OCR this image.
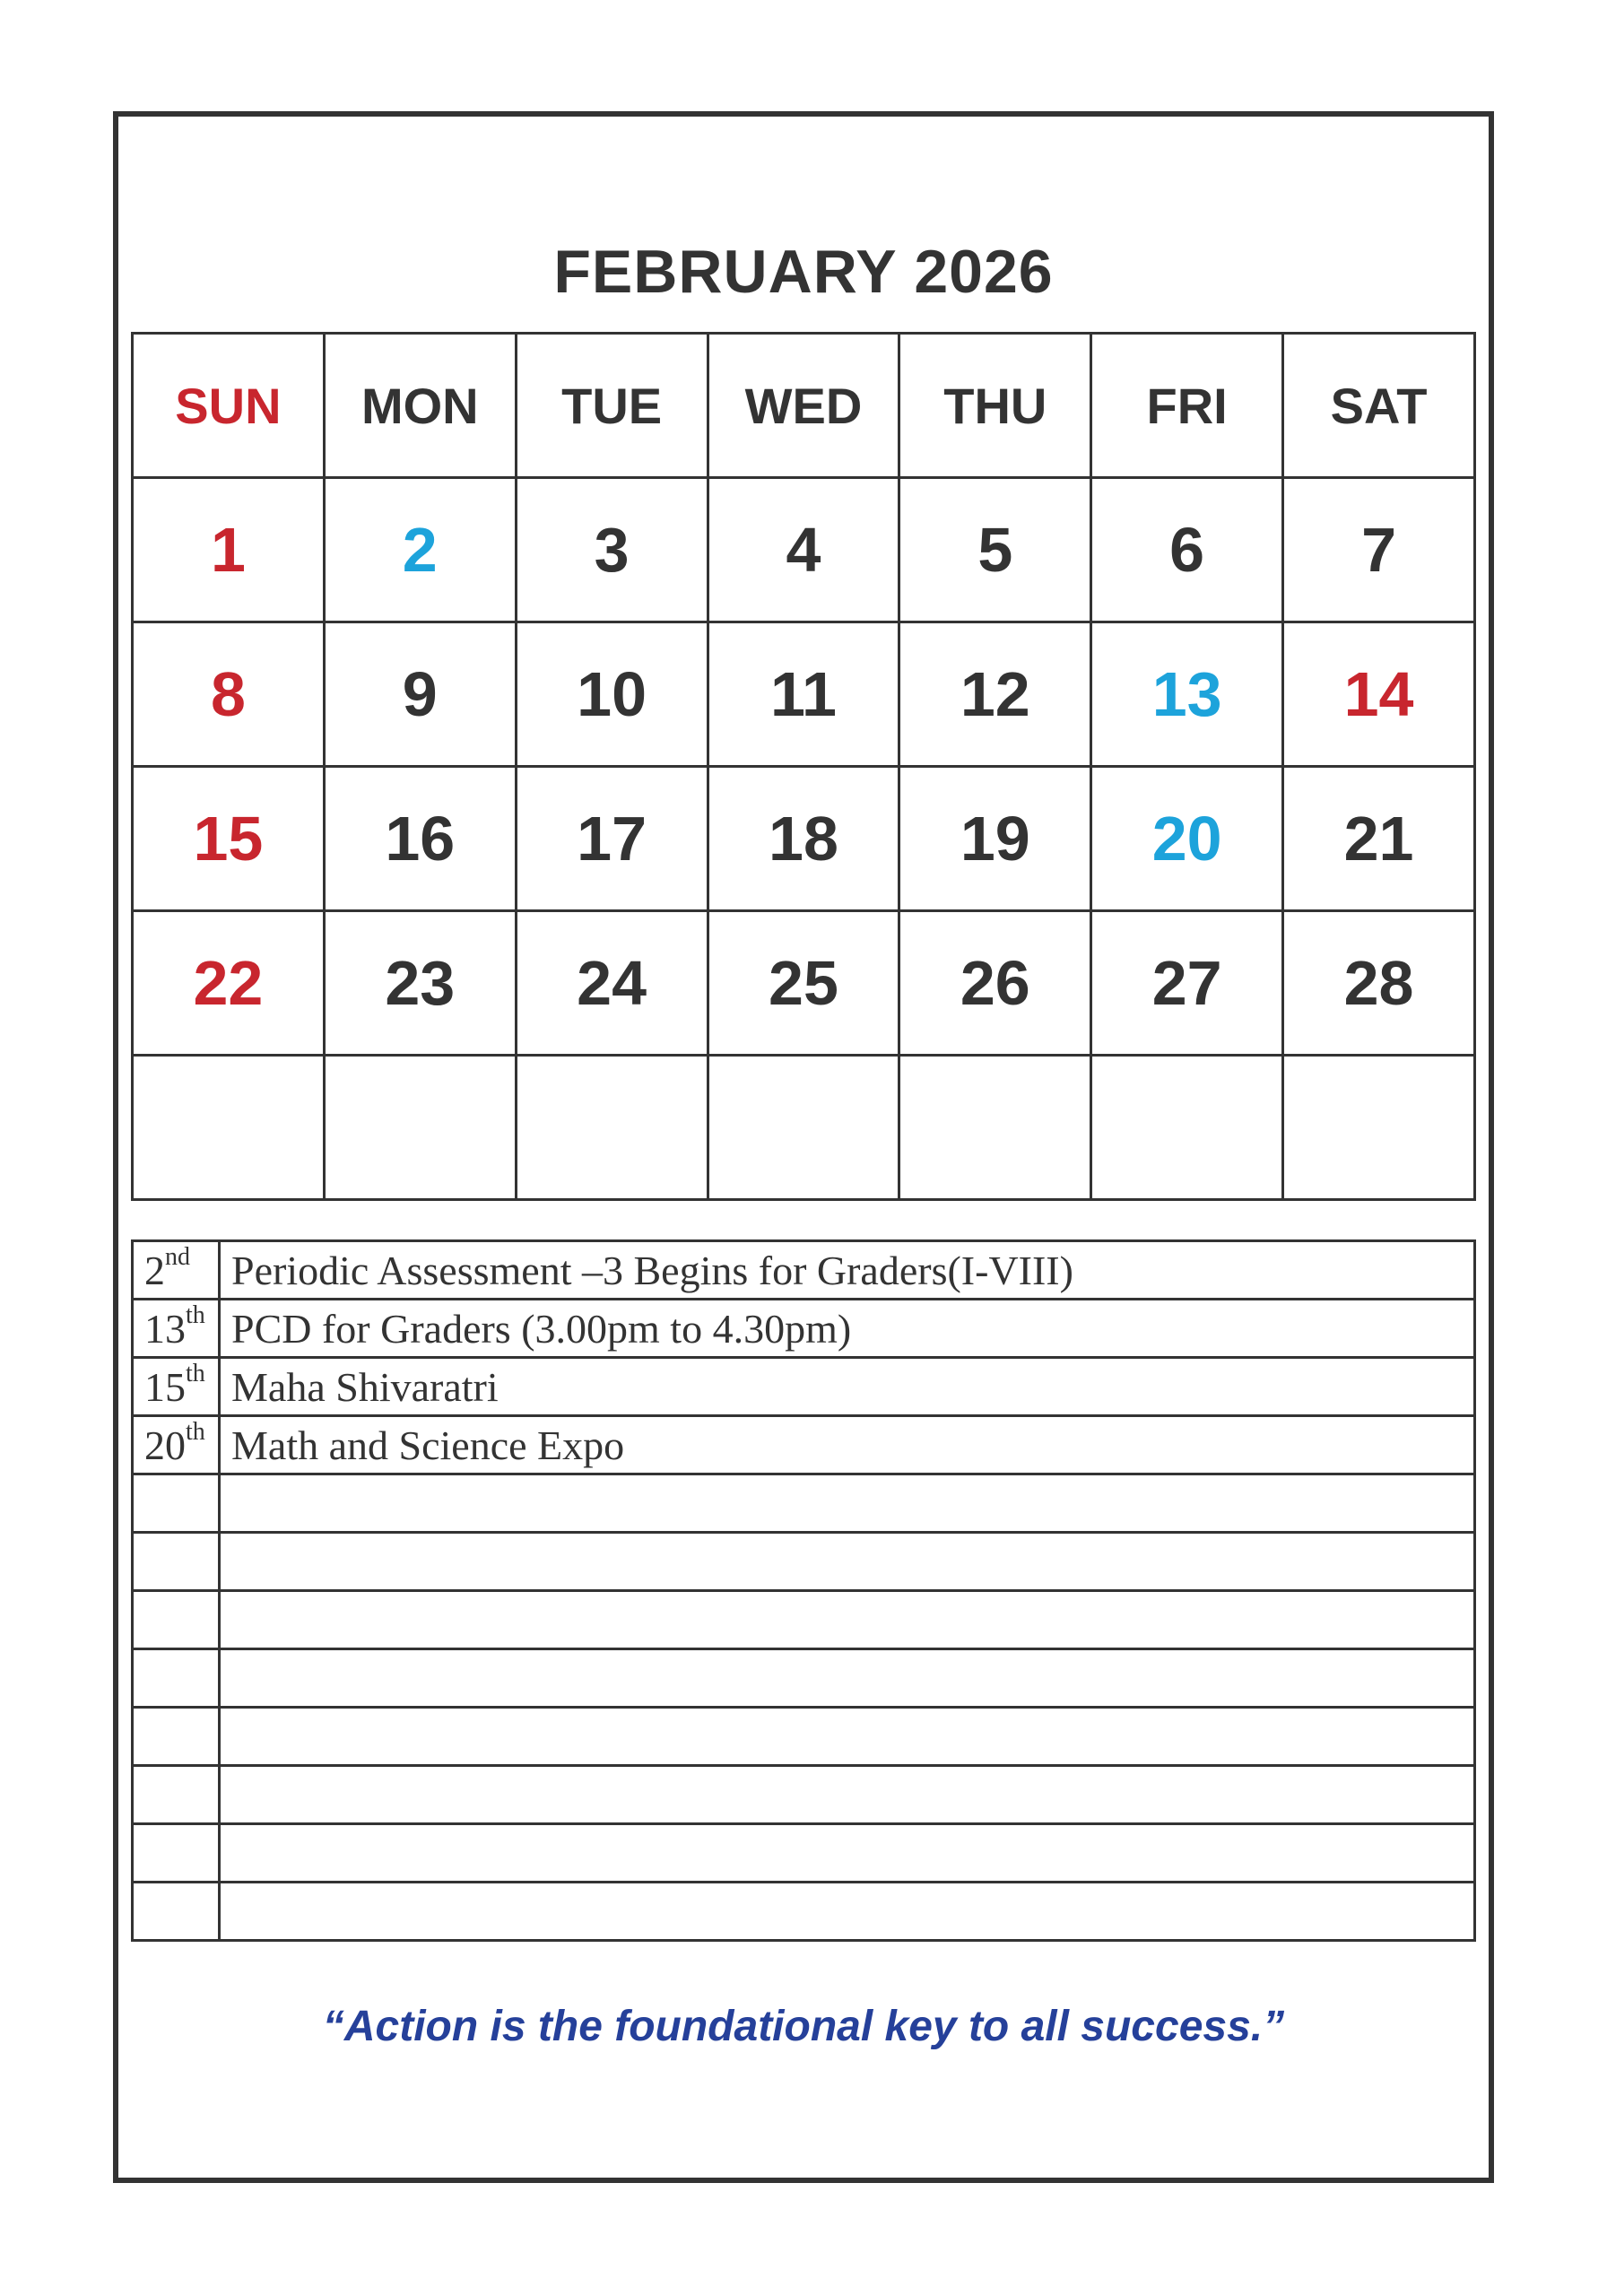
FEBRUARY 2026
SUN	MON	TUE	WED	THU	FRI	SAT
1	2	3	4	5	6	7
8	9	10	11	12	13	14
15	16	17	18	19	20	21
22	23	24	25	26	27	28

2nd	Periodic Assessment –3 Begins for Graders(I-VIII)
13th	PCD for Graders (3.00pm to 4.30pm)
15th	Maha Shivaratri
20th	Math and Science Expo

“Action is the foundational key to all success.”
